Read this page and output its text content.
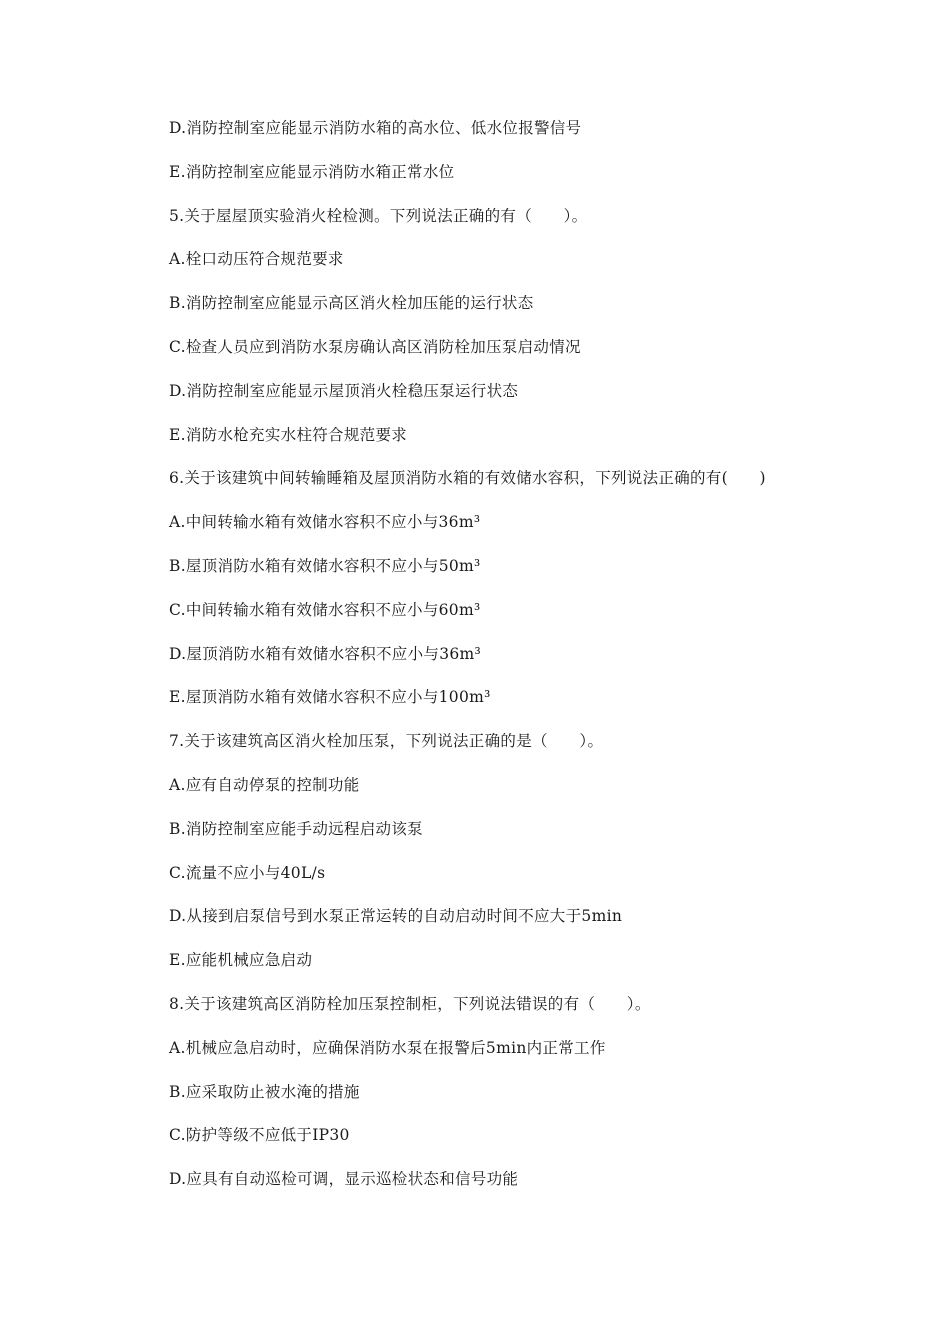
D.消防控制室应能显示消防水箱的高水位、低水位报警信号
E.消防控制室应能显示消防水箱正常水位
5.关于屋屋顶实验消火栓检测。下列说法正确的有（　　）。
A.栓口动压符合规范要求
B.消防控制室应能显示高区消火栓加压能的运行状态
C.检查人员应到消防水泵房确认高区消防栓加压泵启动情况
D.消防控制室应能显示屋顶消火栓稳压泵运行状态
E.消防水枪充实水柱符合规范要求
6.关于该建筑中间转输睡箱及屋顶消防水箱的有效储水容积，下列说法正确的有(　　)
A.中间转输水箱有效储水容积不应小与36m³
B.屋顶消防水箱有效储水容积不应小与50m³
C.中间转输水箱有效储水容积不应小与60m³
D.屋顶消防水箱有效储水容积不应小与36m³
E.屋顶消防水箱有效储水容积不应小与100m³
7.关于该建筑高区消火栓加压泵，下列说法正确的是（　　）。
A.应有自动停泵的控制功能
B.消防控制室应能手动远程启动该泵
C.流量不应小与40L/s
D.从接到启泵信号到水泵正常运转的自动启动时间不应大于5min
E.应能机械应急启动
8.关于该建筑高区消防栓加压泵控制柜，下列说法错误的有（　　）。
A.机械应急启动时，应确保消防水泵在报警后5min内正常工作
B.应采取防止被水淹的措施
C.防护等级不应低于IP30
D.应具有自动巡检可调，显示巡检状态和信号功能
